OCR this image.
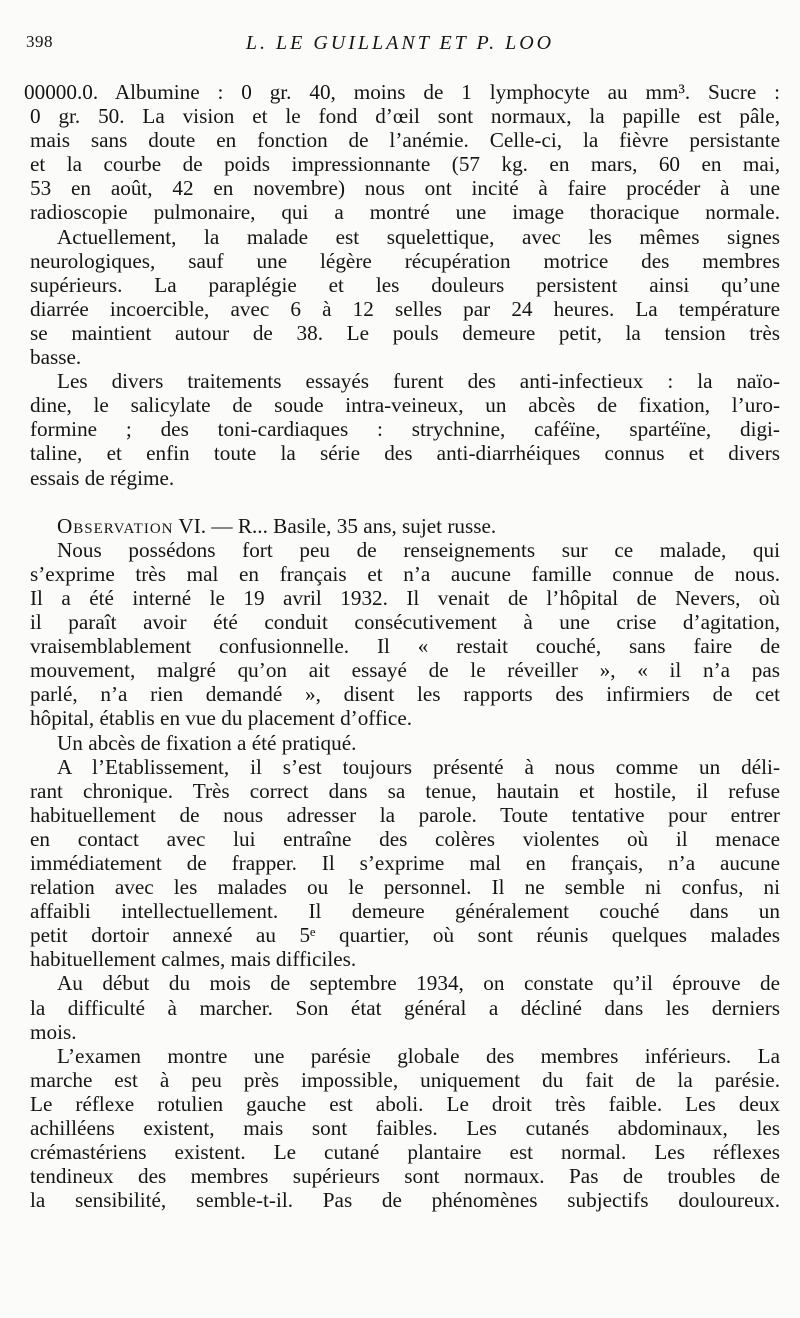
398	L. LE GUILLANT ET P. LOO
00000.0. Albumine : 0 gr. 40, moins de 1 lymphocyte au mm³. Sucre :
0 gr. 50. La vision et le fond d’œil sont normaux, la papille est pâle,
mais sans doute en fonction de l’anémie. Celle-ci, la fièvre persistante
et la courbe de poids impressionnante (57 kg. en mars, 60 en mai,
53 en août, 42 en novembre) nous ont incité à faire procéder à une
radioscopie pulmonaire, qui a montré une image thoracique normale.
Actuellement, la malade est squelettique, avec les mêmes signes
neurologiques, sauf une légère récupération motrice des membres
supérieurs. La paraplégie et les douleurs persistent ainsi qu’une
diarrée incoercible, avec 6 à 12 selles par 24 heures. La température
se maintient autour de 38. Le pouls demeure petit, la tension très
basse.
Les divers traitements essayés furent des anti-infectieux : la naïo-
dine, le salicylate de soude intra-veineux, un abcès de fixation, l’uro-
formine ; des toni-cardiaques : strychnine, caféïne, spartéïne, digi-
taline, et enfin toute la série des anti-diarrhéiques connus et divers
essais de régime.
Observation VI. — R... Basile, 35 ans, sujet russe.
Nous possédons fort peu de renseignements sur ce malade, qui
s’exprime très mal en français et n’a aucune famille connue de nous.
Il a été interné le 19 avril 1932. Il venait de l’hôpital de Nevers, où
il paraît avoir été conduit consécutivement à une crise d’agitation,
vraisemblablement confusionnelle. Il « restait couché, sans faire de
mouvement, malgré qu’on ait essayé de le réveiller », « il n’a pas
parlé, n’a rien demandé », disent les rapports des infirmiers de cet
hôpital, établis en vue du placement d’office.
Un abcès de fixation a été pratiqué.
A l’Etablissement, il s’est toujours présenté à nous comme un déli-
rant chronique. Très correct dans sa tenue, hautain et hostile, il refuse
habituellement de nous adresser la parole. Toute tentative pour entrer
en contact avec lui entraîne des colères violentes où il menace
immédiatement de frapper. Il s’exprime mal en français, n’a aucune
relation avec les malades ou le personnel. Il ne semble ni confus, ni
affaibli intellectuellement. Il demeure généralement couché dans un
petit dortoir annexé au 5ᵉ quartier, où sont réunis quelques malades
habituellement calmes, mais difficiles.
Au début du mois de septembre 1934, on constate qu’il éprouve de
la difficulté à marcher. Son état général a décliné dans les derniers
mois.
L’examen montre une parésie globale des membres inférieurs. La
marche est à peu près impossible, uniquement du fait de la parésie.
Le réflexe rotulien gauche est aboli. Le droit très faible. Les deux
achilléens existent, mais sont faibles. Les cutanés abdominaux, les
crémastériens existent. Le cutané plantaire est normal. Les réflexes
tendineux des membres supérieurs sont normaux. Pas de troubles de
la sensibilité, semble-t-il. Pas de phénomènes subjectifs douloureux.
